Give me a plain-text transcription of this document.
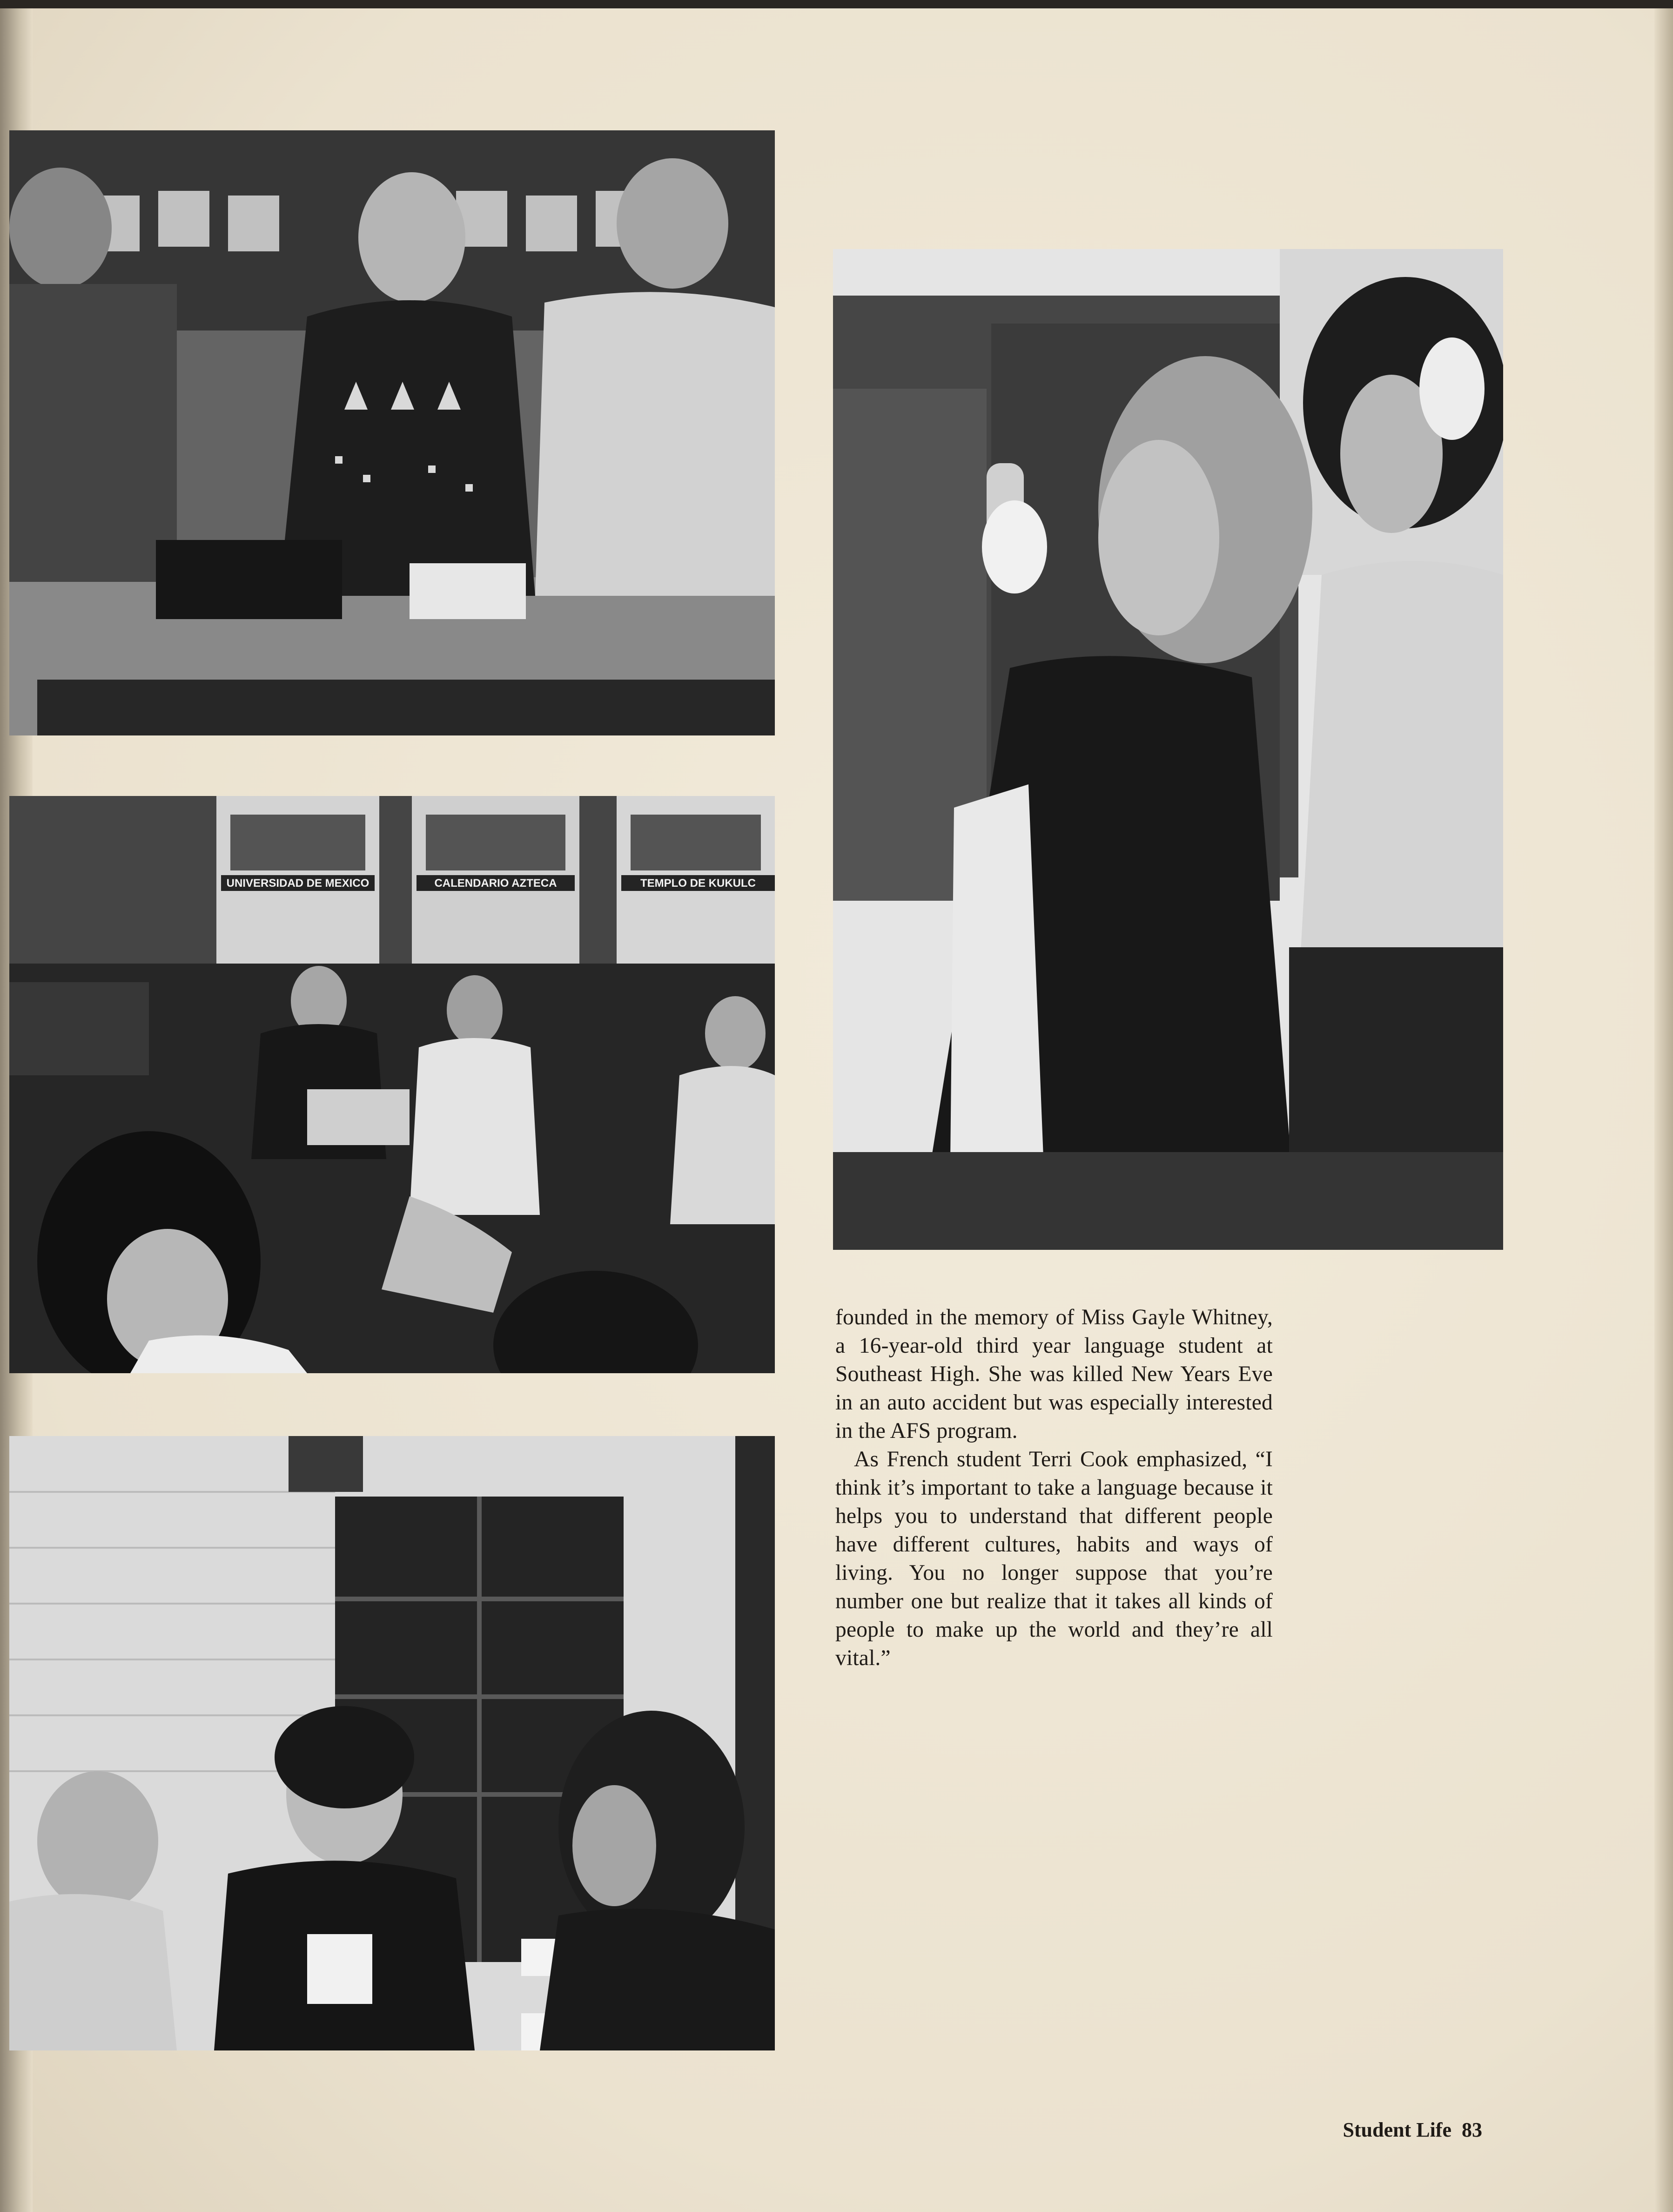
UNIVERSIDAD DE MEXICO	CALENDARIO AZTECA	TEMPLO DE KUKULC

founded in the memory of Miss Gayle Whitney, a 16-year-old third year language student at Southeast High. She was killed New Years Eve in an auto accident but was especially interested in the AFS program.

As French student Terri Cook emphasized, “I think it’s important to take a language because it helps you to understand that different people have different cultures, habits and ways of living. You no longer suppose that you’re number one but realize that it takes all kinds of people to make up the world and they’re all vital.”

Student Life 83
